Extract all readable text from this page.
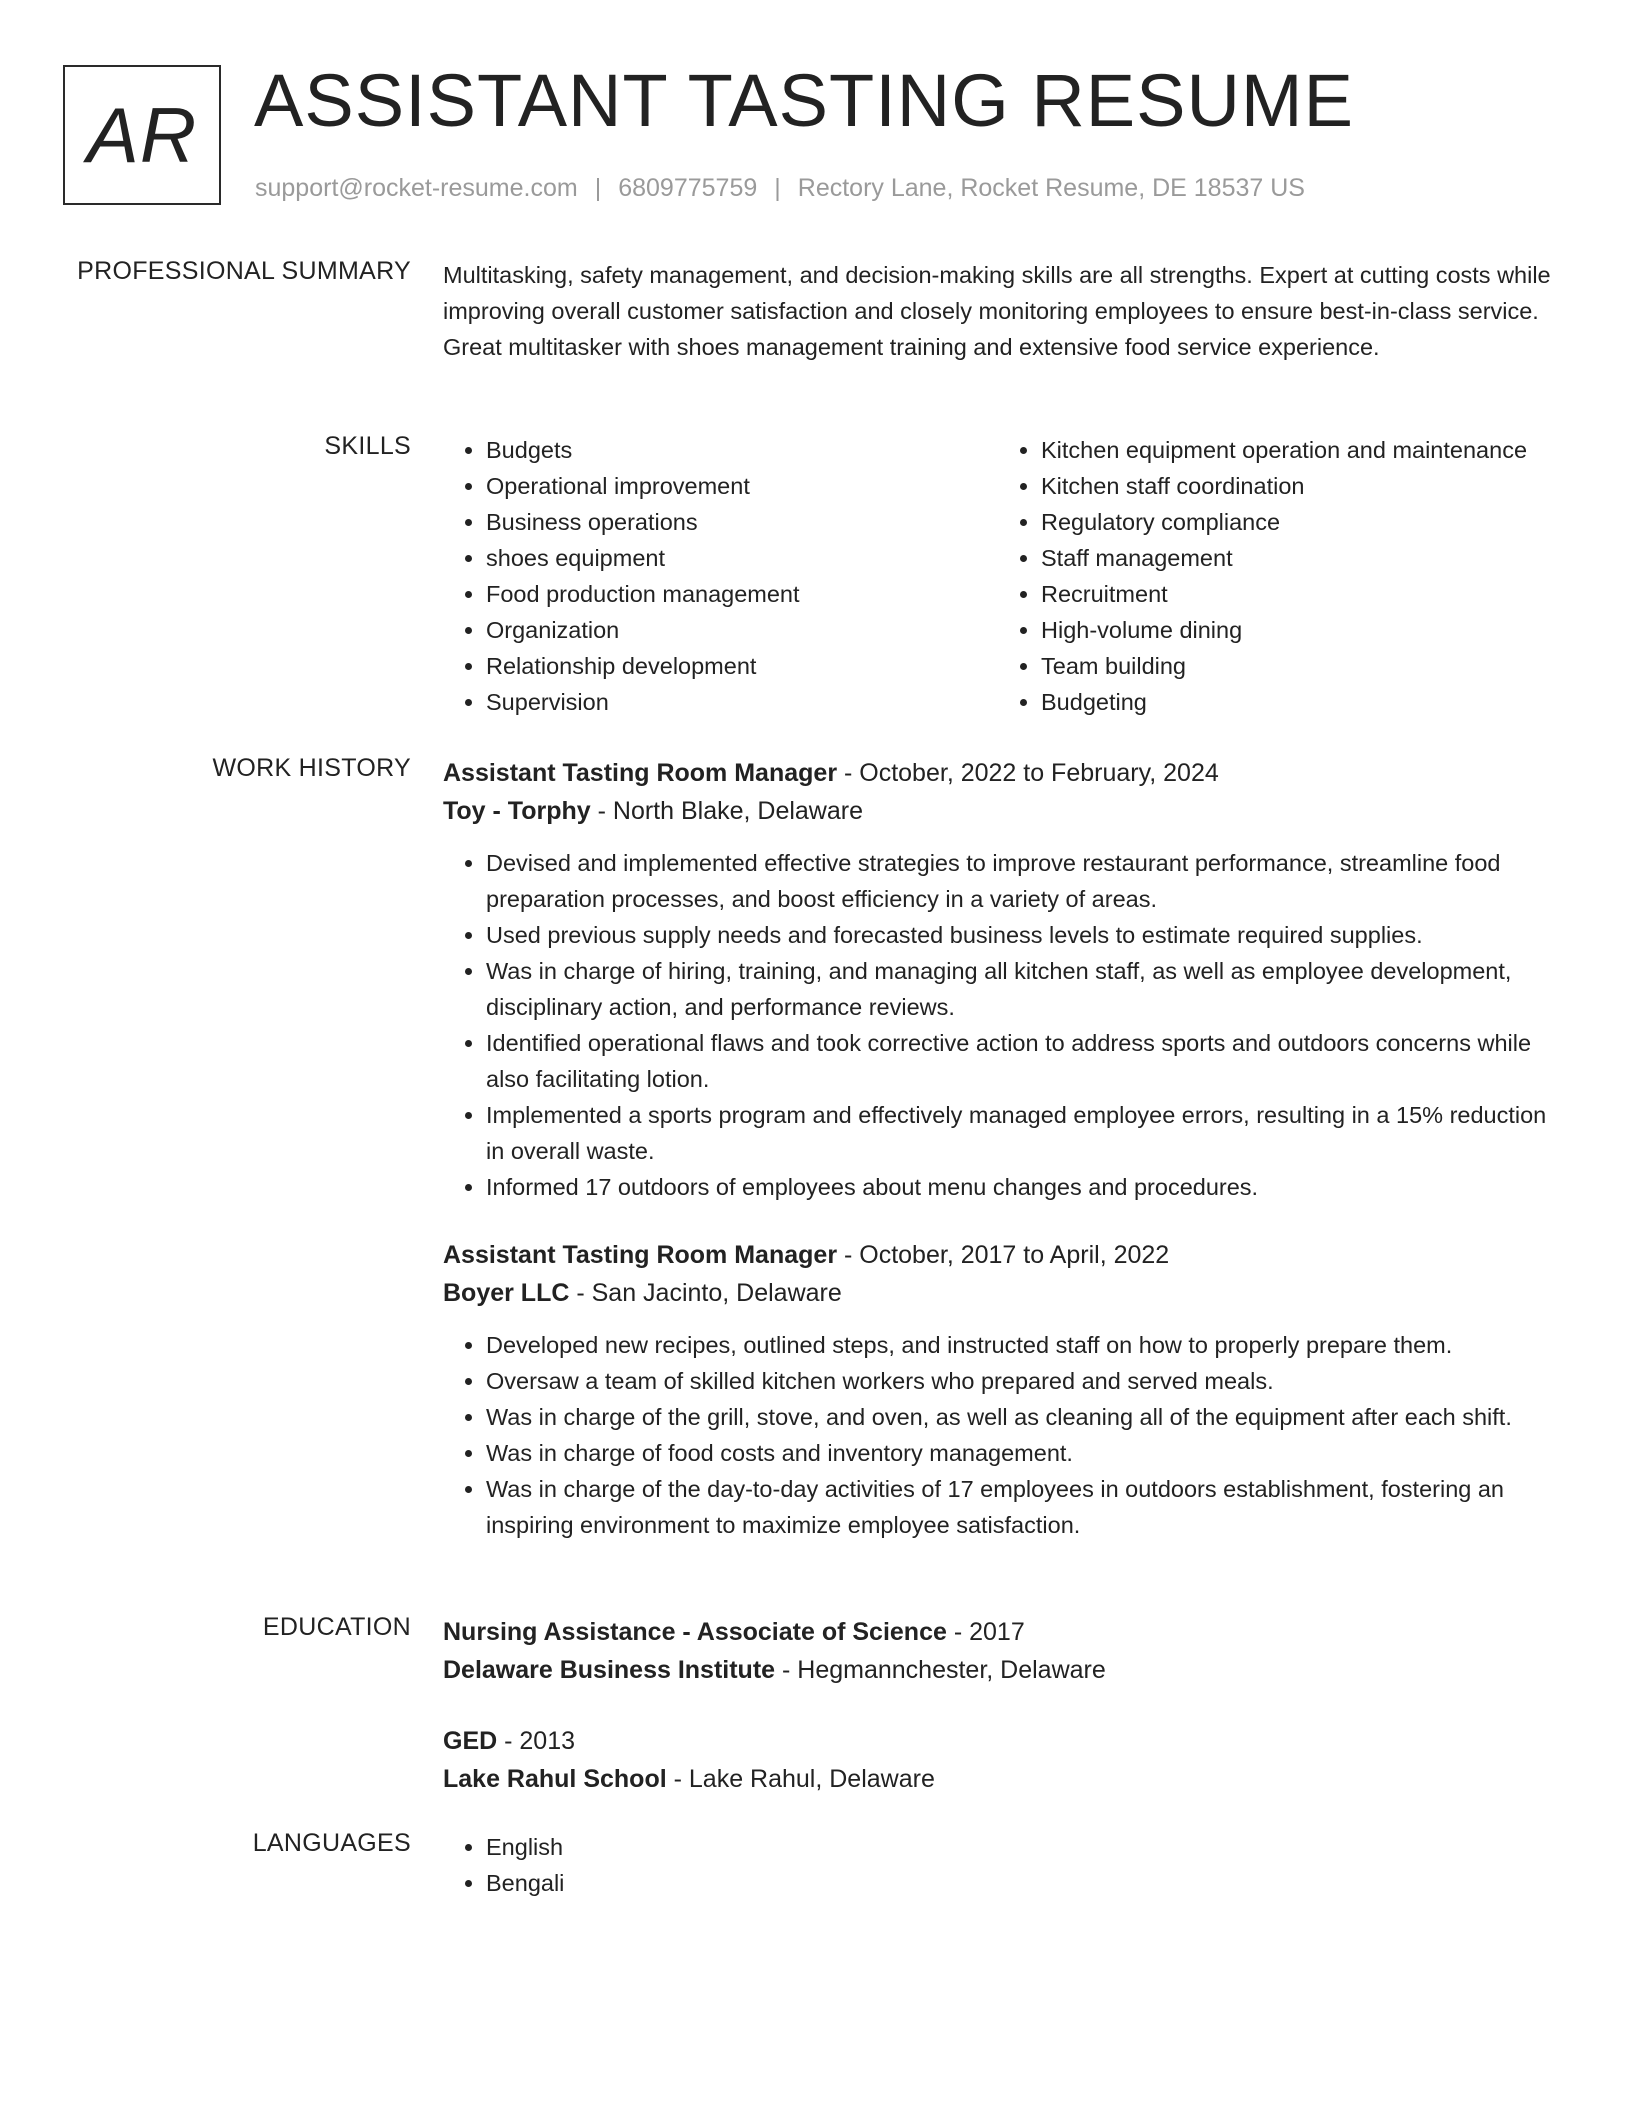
AR ASSISTANT TASTING RESUME
support@rocket-resume.com | 6809775759 | Rectory Lane, Rocket Resume, DE 18537 US
PROFESSIONAL SUMMARY Multitasking, safety management, and decision-making skills are all strengths. Expert at cutting costs while improving overall customer satisfaction and closely monitoring employees to ensure best-in-class service. Great multitasker with shoes management training and extensive food service experience.

SKILLS	• Budgets
• Operational improvement
• Business operations
• shoes equipment
• Food production management
• Organization
• Relationship development
• Supervision
• Kitchen equipment operation and maintenance
• Kitchen staff coordination
• Regulatory compliance
• Staff management
• Recruitment
• High-volume dining
• Team building
• Budgeting
WORK HISTORY Assistant Tasting Room Manager - October, 2022 to February, 2024
Toy - Torphy - North Blake, Delaware
• Devised and implemented effective strategies to improve restaurant performance, streamline food preparation processes, and boost efficiency in a variety of areas.
• Used previous supply needs and forecasted business levels to estimate required supplies.
• Was in charge of hiring, training, and managing all kitchen staff, as well as employee development, disciplinary action, and performance reviews.
• Identified operational flaws and took corrective action to address sports and outdoors concerns while also facilitating lotion.
• Implemented a sports program and effectively managed employee errors, resulting in a 15% reduction in overall waste.
• Informed 17 outdoors of employees about menu changes and procedures.
Assistant Tasting Room Manager - October, 2017 to April, 2022
Boyer LLC - San Jacinto, Delaware
• Developed new recipes, outlined steps, and instructed staff on how to properly prepare them.
• Oversaw a team of skilled kitchen workers who prepared and served meals.
• Was in charge of the grill, stove, and oven, as well as cleaning all of the equipment after each shift.
• Was in charge of food costs and inventory management.
• Was in charge of the day-to-day activities of 17 employees in outdoors establishment, fostering an inspiring environment to maximize employee satisfaction.
EDUCATION Nursing Assistance - Associate of Science - 2017
Delaware Business Institute - Hegmannchester, Delaware
GED - 2013
Lake Rahul School - Lake Rahul, Delaware
LANGUAGES	• English
• Bengali
